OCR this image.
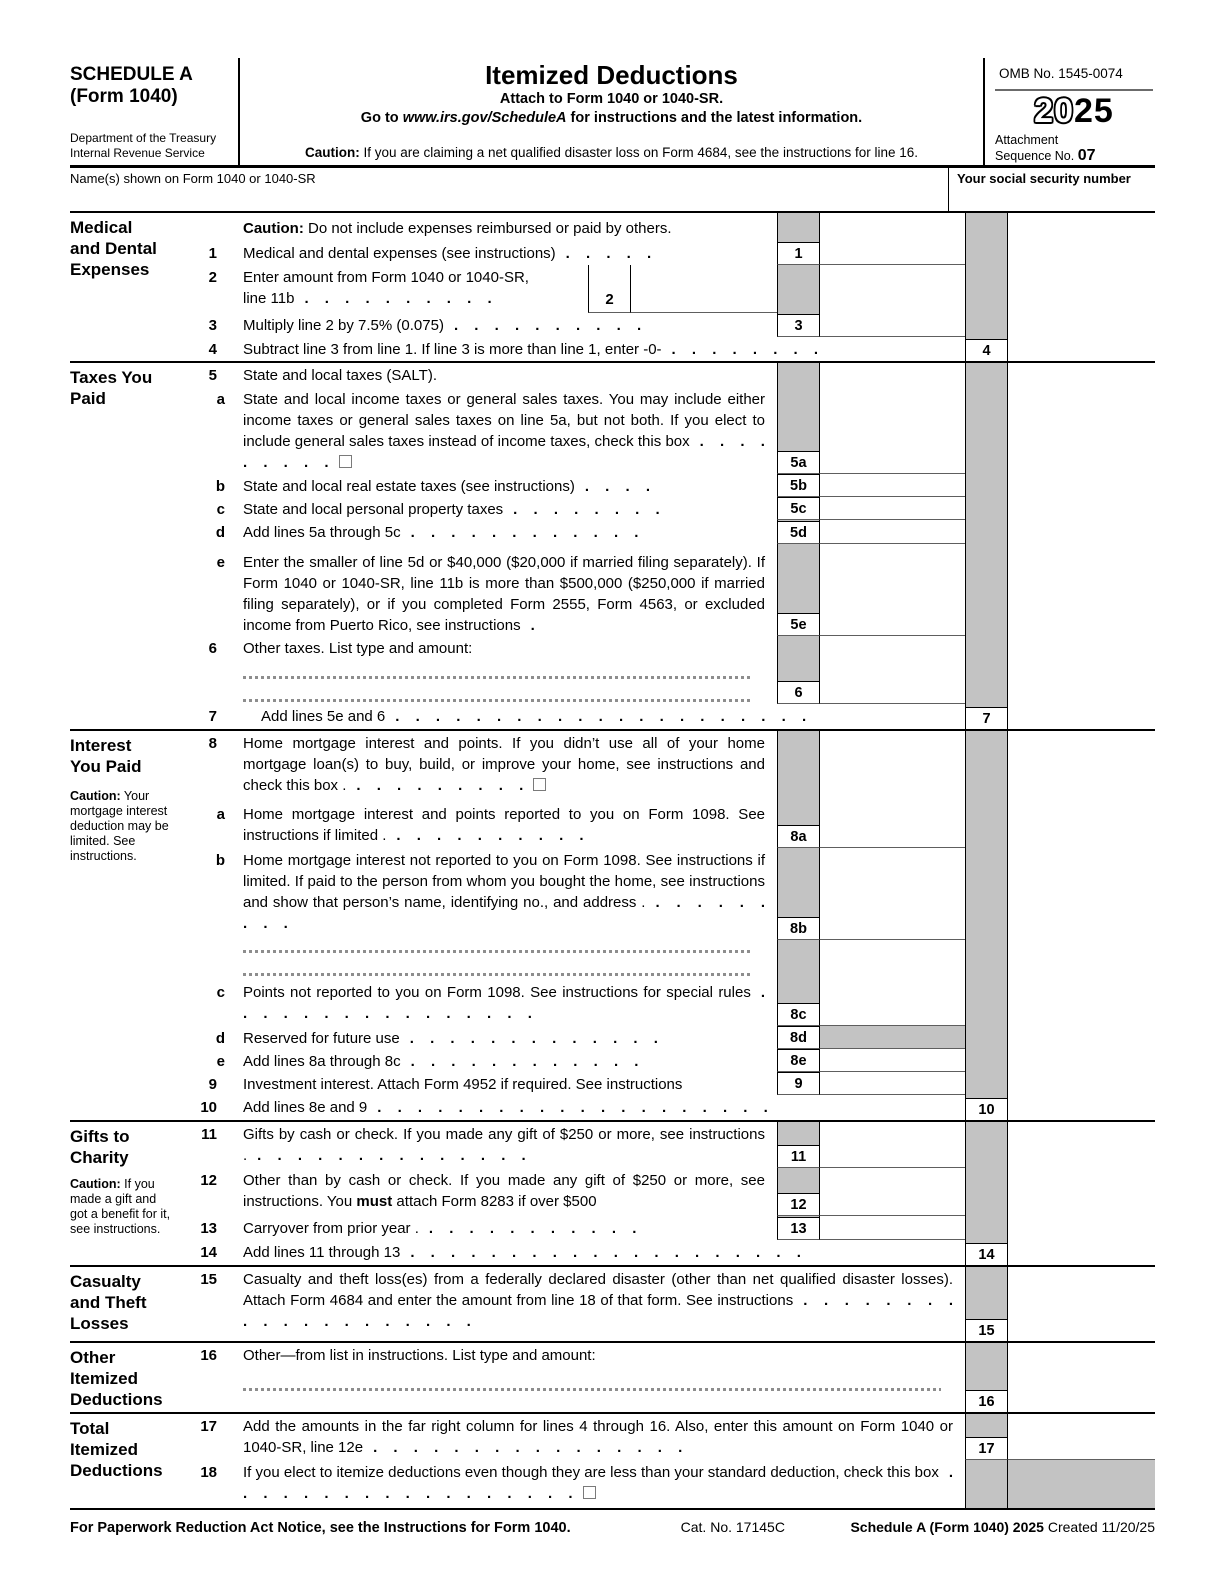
SCHEDULE A
(Form 1040)
Department of the Treasury
Internal Revenue Service
Itemized Deductions
Attach to Form 1040 or 1040-SR.
Go to www.irs.gov/ScheduleA for instructions and the latest information.
Caution: If you are claiming a net qualified disaster loss on Form 4684, see the instructions for line 16.
OMB No. 1545-0074
2025
Attachment
Sequence No. 07
Name(s) shown on Form 1040 or 1040-SR	Your social security number
Medical and Dental Expenses
Caution: Do not include expenses reimbursed or paid by others.
1	Medical and dental expenses (see instructions) . . . . .	1
2	Enter amount from Form 1040 or 1040-SR,
line 11b . . . . . . . . . .	2
3	Multiply line 2 by 7.5% (0.075) . . . . . . . . . .	3
4	Subtract line 3 from line 1. If line 3 is more than line 1, enter -0- . . . . . . . .	4
Taxes You Paid
5	State and local taxes (SALT).
a	State and local income taxes or general sales taxes. You may include either income taxes or general sales taxes on line 5a, but not both. If you elect to include general sales taxes instead of income taxes, check this box . . . . . . . . .	5a
b	State and local real estate taxes (see instructions) . . . .	5b
c	State and local personal property taxes . . . . . . . .	5c
d	Add lines 5a through 5c . . . . . . . . . . . .	5d
e	Enter the smaller of line 5d or $40,000 ($20,000 if married filing separately). If Form 1040 or 1040-SR, line 11b is more than $500,000 ($250,000 if married filing separately), or if you completed Form 2555, Form 4563, or excluded income from Puerto Rico, see instructions .	5e
6	Other taxes. List type and amount:
6
7	Add lines 5e and 6 . . . . . . . . . . . . . . . . . . . . .	7
Interest You Paid
Caution: Your mortgage interest deduction may be limited. See instructions.
8	Home mortgage interest and points. If you didn’t use all of your home mortgage loan(s) to buy, build, or improve your home, see instructions and check this box . . . . . . . . . .
a	Home mortgage interest and points reported to you on Form 1098. See instructions if limited . . . . . . . . . . .	8a
b	Home mortgage interest not reported to you on Form 1098. See instructions if limited. If paid to the person from whom you bought the home, see instructions and show that person’s name, identifying no., and address . . . . . . . . . .	8b
c	Points not reported to you on Form 1098. See instructions for special rules . . . . . . . . . . . . . . . .	8c
d	Reserved for future use . . . . . . . . . . . . .	8d
e	Add lines 8a through 8c . . . . . . . . . . . .	8e
9	Investment interest. Attach Form 4952 if required. See instructions	9
10	Add lines 8e and 9 . . . . . . . . . . . . . . . . . . . .	10
Gifts to Charity
Caution: If you made a gift and got a benefit for it, see instructions.
11	Gifts by cash or check. If you made any gift of $250 or more, see instructions . . . . . . . . . . . . . . .	11
12	Other than by cash or check. If you made any gift of $250 or more, see instructions. You must attach Form 8283 if over $500	12
13	Carryover from prior year . . . . . . . . . . . .	13
14	Add lines 11 through 13 . . . . . . . . . . . . . . . . . . . .	14
Casualty and Theft Losses
15	Casualty and theft loss(es) from a federally declared disaster (other than net qualified disaster losses). Attach Form 4684 and enter the amount from line 18 of that form. See instructions . . . . . . . . . . . . . . . . . . . .
15
Other Itemized Deductions
16	Other—from list in instructions. List type and amount:
16
Total Itemized Deductions
17	Add the amounts in the far right column for lines 4 through 16. Also, enter this amount on Form 1040 or 1040-SR, line 12e . . . . . . . . . . . . . . . .	17
18	If you elect to itemize deductions even though they are less than your standard deduction, check this box . . . . . . . . . . . . . . . . . .
For Paperwork Reduction Act Notice, see the Instructions for Form 1040.	Cat. No. 17145C	Schedule A (Form 1040) 2025 Created 11/20/25
